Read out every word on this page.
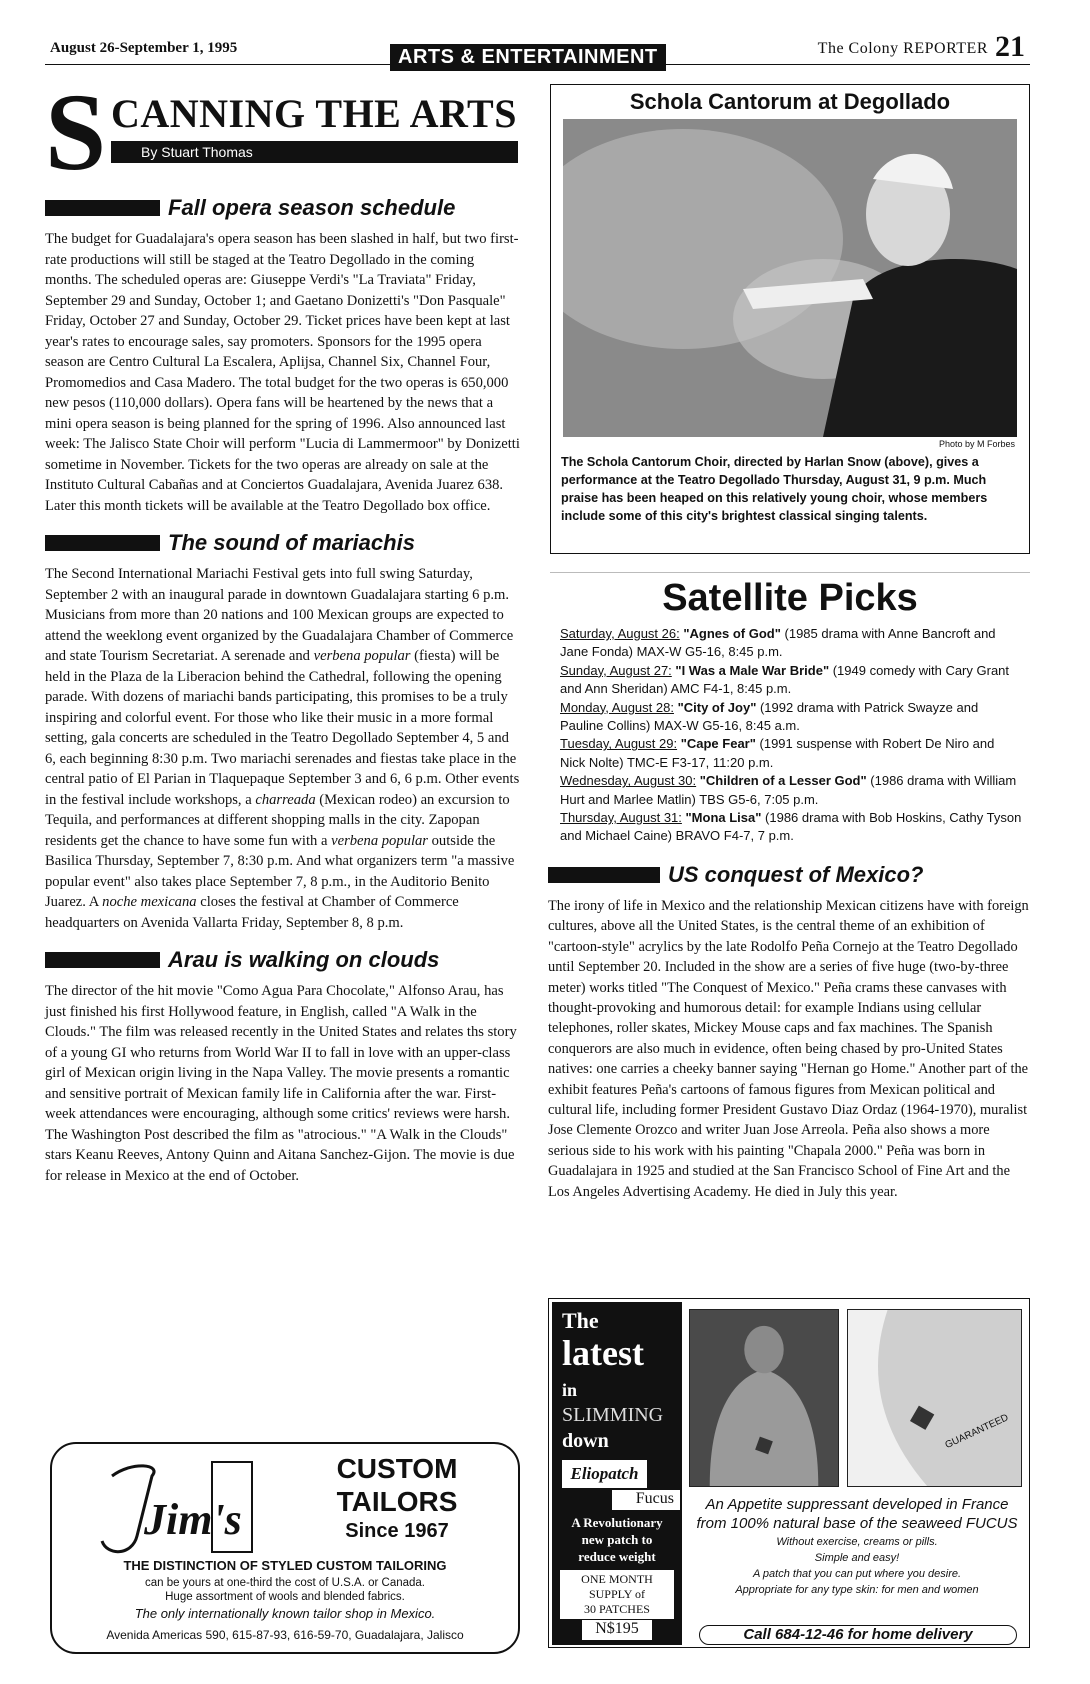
August 26-September 1, 1995	ARTS & ENTERTAINMENT	The Colony REPORTER 21
S CANNING THE ARTS
By Stuart Thomas
Fall opera season schedule

The budget for Guadalajara's opera season has been slashed in half, but two first-rate productions will still be staged at the Teatro Degollado in the coming months. The scheduled operas are: Giuseppe Verdi's "La Traviata" Friday, September 29 and Sunday, October 1; and Gaetano Donizetti's "Don Pasquale" Friday, October 27 and Sunday, October 29. Ticket prices have been kept at last year's rates to encourage sales, say promoters. Sponsors for the 1995 opera season are Centro Cultural La Escalera, Aplijsa, Channel Six, Channel Four, Promomedios and Casa Madero. The total budget for the two operas is 650,000 new pesos (110,000 dollars). Opera fans will be heartened by the news that a mini opera season is being planned for the spring of 1996. Also announced last week: The Jalisco State Choir will perform "Lucia di Lammermoor" by Donizetti sometime in November. Tickets for the two operas are already on sale at the Instituto Cultural Cabañas and at Conciertos Guadalajara, Avenida Juarez 638. Later this month tickets will be available at the Teatro Degollado box office.

The sound of mariachis

The Second International Mariachi Festival gets into full swing Saturday, September 2 with an inaugural parade in downtown Guadalajara starting 6 p.m. Musicians from more than 20 nations and 100 Mexican groups are expected to attend the weeklong event organized by the Guadalajara Chamber of Commerce and state Tourism Secretariat. A serenade and verbena popular (fiesta) will be held in the Plaza de la Liberacion behind the Cathedral, following the opening parade. With dozens of mariachi bands participating, this promises to be a truly inspiring and colorful event. For those who like their music in a more formal setting, gala concerts are scheduled in the Teatro Degollado September 4, 5 and 6, each beginning 8:30 p.m. Two mariachi serenades and fiestas take place in the central patio of El Parian in Tlaquepaque September 3 and 6, 6 p.m. Other events in the festival include workshops, a charreada (Mexican rodeo) an excursion to Tequila, and performances at different shopping malls in the city. Zapopan residents get the chance to have some fun with a verbena popular outside the Basilica Thursday, September 7, 8:30 p.m. And what organizers term "a massive popular event" also takes place September 7, 8 p.m., in the Auditorio Benito Juarez. A noche mexicana closes the festival at Chamber of Commerce headquarters on Avenida Vallarta Friday, September 8, 8 p.m.

Arau is walking on clouds

The director of the hit movie "Como Agua Para Chocolate," Alfonso Arau, has just finished his first Hollywood feature, in English, called "A Walk in the Clouds." The film was released recently in the United States and relates ths story of a young GI who returns from World War II to fall in love with an upper-class girl of Mexican origin living in the Napa Valley. The movie presents a romantic and sensitive portrait of Mexican family life in California after the war. First-week attendances were encouraging, although some critics' reviews were harsh. The Washington Post described the film as "atrocious." "A Walk in the Clouds" stars Keanu Reeves, Antony Quinn and Aitana Sanchez-Gijon. The movie is due for release in Mexico at the end of October.

Jim's
CUSTOM
TAILORS
Since 1967
THE DISTINCTION OF STYLED CUSTOM TAILORING
can be yours at one-third the cost of U.S.A. or Canada.
Huge assortment of wools and blended fabrics.
The only internationally known tailor shop in Mexico.
Avenida Americas 590, 615-87-93, 616-59-70, Guadalajara, Jalisco
Schola Cantorum at Degollado
Photo by M Forbes
The Schola Cantorum Choir, directed by Harlan Snow (above), gives a performance at the Teatro Degollado Thursday, August 31, 9 p.m. Much praise has been heaped on this relatively young choir, whose members include some of this city's brightest classical singing talents.
Satellite Picks
Saturday, August 26: "Agnes of God" (1985 drama with Anne Bancroft and Jane Fonda) MAX-W G5-16, 8:45 p.m.
Sunday, August 27: "I Was a Male War Bride" (1949 comedy with Cary Grant and Ann Sheridan) AMC F4-1, 8:45 p.m.
Monday, August 28: "City of Joy" (1992 drama with Patrick Swayze and Pauline Collins) MAX-W G5-16, 8:45 a.m.
Tuesday, August 29: "Cape Fear" (1991 suspense with Robert De Niro and Nick Nolte) TMC-E F3-17, 11:20 p.m.
Wednesday, August 30: "Children of a Lesser God" (1986 drama with William Hurt and Marlee Matlin) TBS G5-6, 7:05 p.m.
Thursday, August 31: "Mona Lisa" (1986 drama with Bob Hoskins, Cathy Tyson and Michael Caine) BRAVO F4-7, 7 p.m.
US conquest of Mexico?

The irony of life in Mexico and the relationship Mexican citizens have with foreign cultures, above all the United States, is the central theme of an exhibition of "cartoon-style" acrylics by the late Rodolfo Peña Cornejo at the Teatro Degollado until September 20. Included in the show are a series of five huge (two-by-three meter) works titled "The Conquest of Mexico." Peña crams these canvases with thought-provoking and humorous detail: for example Indians using cellular telephones, roller skates, Mickey Mouse caps and fax machines. The Spanish conquerors are also much in evidence, often being chased by pro-United States natives: one carries a cheeky banner saying "Hernan go Home." Another part of the exhibit features Peña's cartoons of famous figures from Mexican political and cultural life, including former President Gustavo Diaz Ordaz (1964-1970), muralist Jose Clemente Orozco and writer Juan Jose Arreola. Peña also shows a more serious side to his work with his painting "Chapala 2000." Peña was born in Guadalajara in 1925 and studied at the San Francisco School of Fine Art and the Los Angeles Advertising Academy. He died in July this year.

The
latest
in
SLIMMING
down
Eliopatch
Fucus
A Revolutionary
new patch to
reduce weight
ONE MONTH
SUPPLY of
30 PATCHES
N$195
GUARANTEED
An Appetite suppressant developed in France from 100% natural base of the seaweed FUCUS
Without exercise, creams or pills.
Simple and easy!
A patch that you can put where you desire.
Appropriate for any type skin: for men and women
Call 684-12-46 for home delivery
